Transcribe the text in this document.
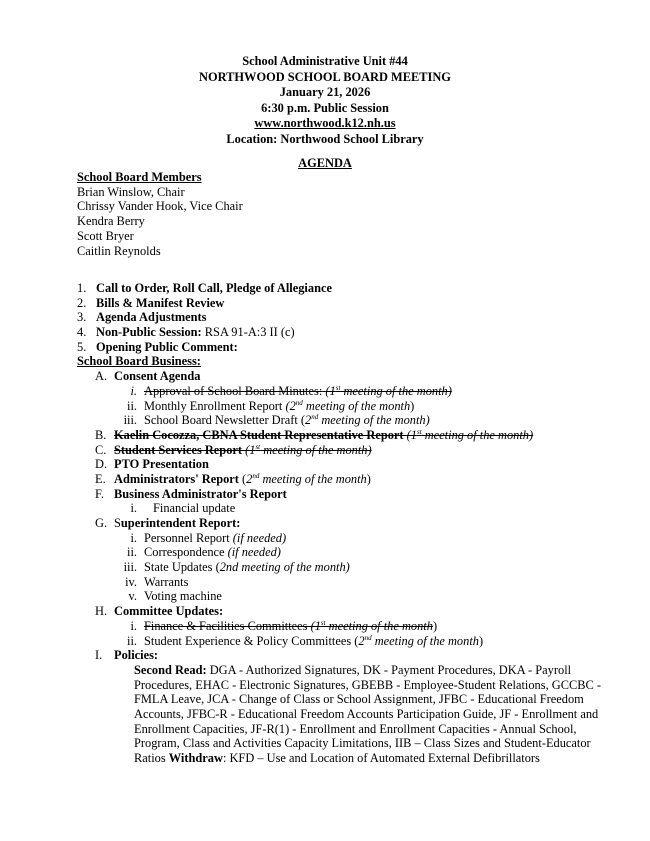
School Administrative Unit #44
NORTHWOOD SCHOOL BOARD MEETING
January 21, 2026
6:30 p.m. Public Session
www.northwood.k12.nh.us
Location: Northwood School Library
AGENDA
School Board Members
Brian Winslow, Chair
Chrissy Vander Hook, Vice Chair
Kendra Berry
Scott Bryer
Caitlin Reynolds
1. Call to Order, Roll Call, Pledge of Allegiance
2. Bills & Manifest Review
3. Agenda Adjustments
4. Non-Public Session: RSA 91-A:3 II (c)
5. Opening Public Comment:
School Board Business:
A. Consent Agenda
i. Approval of School Board Minutes: (1st meeting of the month)
ii. Monthly Enrollment Report (2nd meeting of the month)
iii. School Board Newsletter Draft (2nd meeting of the month)
B. Kaelin Cocozza, CBNA Student Representative Report (1st meeting of the month)
C. Student Services Report (1st meeting of the month)
D. PTO Presentation
E. Administrators' Report (2nd meeting of the month)
F. Business Administrator's Report
i. Financial update
G. Superintendent Report:
i. Personnel Report (if needed)
ii. Correspondence (if needed)
iii. State Updates (2nd meeting of the month)
iv. Warrants
v. Voting machine
H. Committee Updates:
i. Finance & Facilities Committees (1st meeting of the month)
ii. Student Experience & Policy Committees (2nd meeting of the month)
I. Policies:
Second Read: DGA - Authorized Signatures, DK - Payment Procedures, DKA - Payroll Procedures, EHAC - Electronic Signatures, GBEBB - Employee-Student Relations, GCCBC - FMLA Leave, JCA - Change of Class or School Assignment, JFBC - Educational Freedom Accounts, JFBC-R - Educational Freedom Accounts Participation Guide, JF - Enrollment and Enrollment Capacities, JF-R(1) - Enrollment and Enrollment Capacities - Annual School, Program, Class and Activities Capacity Limitations, IIB – Class Sizes and Student-Educator Ratios Withdraw: KFD – Use and Location of Automated External Defibrillators
